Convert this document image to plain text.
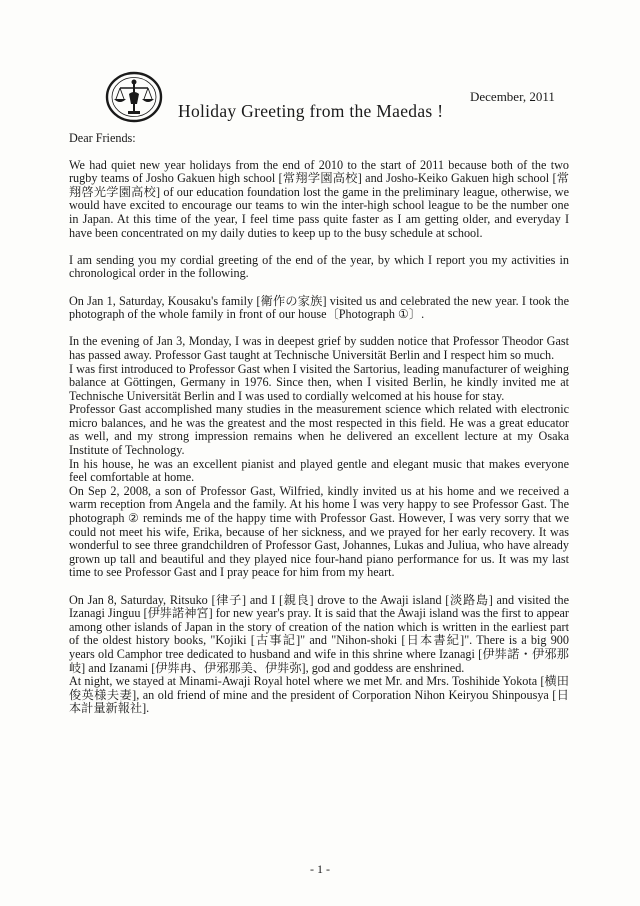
December, 2011
Holiday Greeting from the Maedas !

Dear Friends:

We had quiet new year holidays from the end of 2010 to the start of 2011 because both of the two rugby teams of Josho Gakuen high school [常翔学園高校] and Josho-Keiko Gakuen high school [常翔啓光学園高校] of our education foundation lost the game in the preliminary league, otherwise, we would have excited to encourage our teams to win the inter-high school league to be the number one in Japan. At this time of the year, I feel time pass quite faster as I am getting older, and everyday I have been concentrated on my daily duties to keep up to the busy schedule at school.

I am sending you my cordial greeting of the end of the year, by which I report you my activities in chronological order in the following.

On Jan 1, Saturday, Kousaku's family [衛作の家族] visited us and celebrated the new year. I took the photograph of the whole family in front of our house〔Photograph ①〕.

In the evening of Jan 3, Monday, I was in deepest grief by sudden notice that Professor Theodor Gast has passed away. Professor Gast taught at Technische Universität Berlin and I respect him so much.

I was first introduced to Professor Gast when I visited the Sartorius, leading manufacturer of weighing balance at Göttingen, Germany in 1976. Since then, when I visited Berlin, he kindly invited me at Technische Universität Berlin and I was used to cordially welcomed at his house for stay.

Professor Gast accomplished many studies in the measurement science which related with electronic micro balances, and he was the greatest and the most respected in this field. He was a great educator as well, and my strong impression remains when he delivered an excellent lecture at my Osaka Institute of Technology.

In his house, he was an excellent pianist and played gentle and elegant music that makes everyone feel comfortable at home.

On Sep 2, 2008, a son of Professor Gast, Wilfried, kindly invited us at his home and we received a warm reception from Angela and the family. At his home I was very happy to see Professor Gast. The photograph ② reminds me of the happy time with Professor Gast. However, I was very sorry that we could not meet his wife, Erika, because of her sickness, and we prayed for her early recovery. It was wonderful to see three grandchildren of Professor Gast, Johannes, Lukas and Juliua, who have already grown up tall and beautiful and they played nice four-hand piano performance for us. It was my last time to see Professor Gast and I pray peace for him from my heart.

On Jan 8, Saturday, Ritsuko [律子] and I [親良] drove to the Awaji island [淡路島] and visited the Izanagi Jinguu [伊弉諾神宮] for new year's pray. It is said that the Awaji island was the first to appear among other islands of Japan in the story of creation of the nation which is written in the earliest part of the oldest history books, "Kojiki [古事記]" and "Nihon-shoki [日本書紀]". There is a big 900 years old Camphor tree dedicated to husband and wife in this shrine where Izanagi [伊弉諾・伊邪那岐] and Izanami [伊弉冉、伊邪那美、伊弉弥], god and goddess are enshrined.

At night, we stayed at Minami-Awaji Royal hotel where we met Mr. and Mrs. Toshihide Yokota [横田俊英様夫妻], an old friend of mine and the president of Corporation Nihon Keiryou Shinpousya [日本計量新報社].

- 1 -
